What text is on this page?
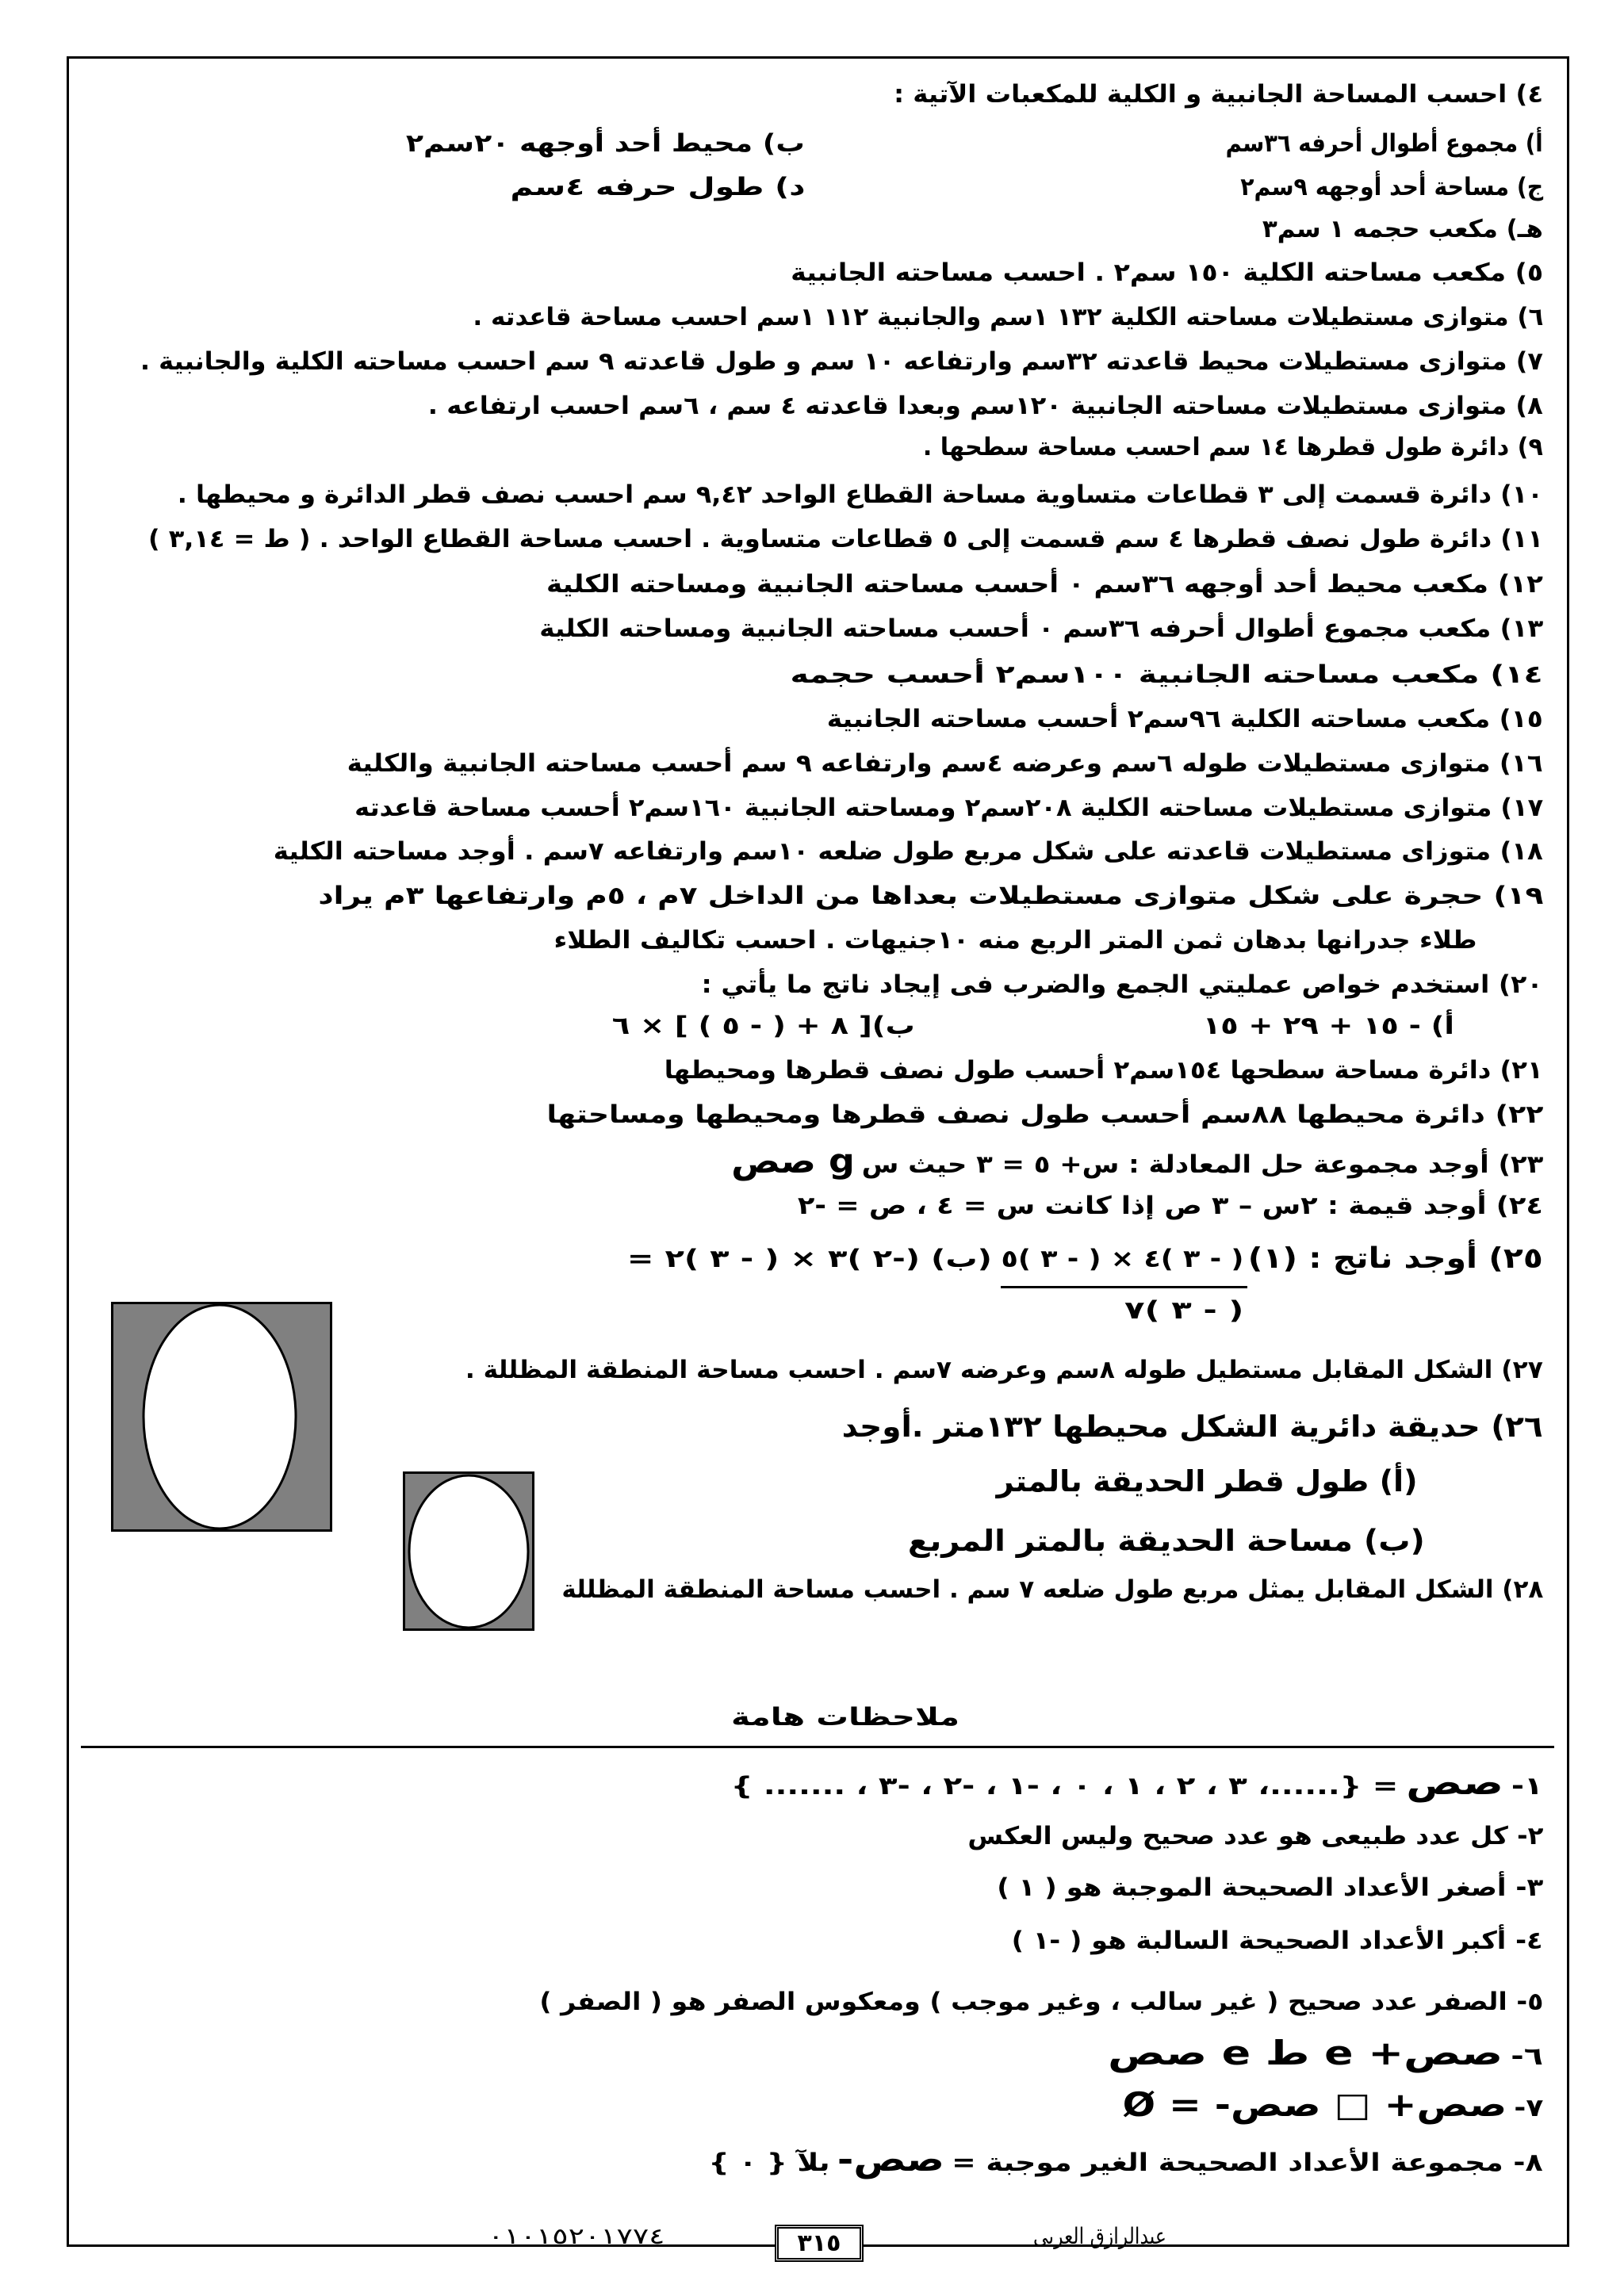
٤) احسب المساحة الجانبية و الكلية للمكعبات الآتية :
أ) مجموع أطوال أحرفه ٣٦سم
ب) محيط أحد أوجهه ٢٠سم٢
ج) مساحة أحد أوجهه ٩سم٢
د) طول حرفه ٤سم
هـ) مكعب حجمه ١ سم٣
٥) مكعب مساحته الكلية ١٥٠ سم٢ . احسب مساحته الجانبية
٦) متوازى مستطيلات مساحته الكلية ١٣٢ ١سم والجانبية ١١٢ ١سم احسب مساحة قاعدته .
٧) متوازى مستطيلات محيط قاعدته ٣٢سم وارتفاعه ١٠ سم و طول قاعدته ٩ سم احسب مساحته الكلية والجانبية .
٨) متوازى مستطيلات مساحته الجانبية ١٢٠سم وبعدا قاعدته ٤ سم ، ٦سم احسب ارتفاعه .
٩) دائرة طول قطرها ١٤ سم احسب مساحة سطحها .
١٠) دائرة قسمت إلى ٣ قطاعات متساوية مساحة القطاع الواحد ٩,٤٢ سم احسب نصف قطر الدائرة و محيطها .
١١) دائرة طول نصف قطرها ٤ سم قسمت إلى ٥ قطاعات متساوية . احسب مساحة القطاع الواحد . ( ط = ٣,١٤ )
١٢) مكعب محيط أحد أوجهه ٣٦سم ٠ أحسب مساحته الجانبية ومساحته الكلية
١٣) مكعب مجموع أطوال أحرفه ٣٦سم ٠ أحسب مساحته الجانبية ومساحته الكلية
١٤) مكعب مساحته الجانبية ١٠٠سم٢ أحسب حجمه
١٥) مكعب مساحته الكلية ٩٦سم٢ أحسب مساحته الجانبية
١٦) متوازى مستطيلات طوله ٦سم وعرضه ٤سم وارتفاعه ٩ سم أحسب مساحته الجانبية والكلية
١٧) متوازى مستطيلات مساحته الكلية ٢٠٨سم٢ ومساحته الجانبية ١٦٠سم٢ أحسب مساحة قاعدته
١٨) متوزاى مستطيلات قاعدته على شكل مربع طول ضلعه ١٠سم وارتفاعه ٧سم . أوجد مساحته الكلية
١٩) حجرة على شكل متوازى مستطيلات بعداها من الداخل ٧م ، ٥م وارتفاعها ٣م يراد
طلاء جدرانها بدهان ثمن المتر الربع منه ١٠جنيهات . احسب تكاليف الطلاء
٢٠) استخدم خواص عمليتي الجمع والضرب فى إيجاد ناتج ما يأتي :
أ) - ١٥ + ٢٩ + ١٥
ب)[ ٨ + ( - ٥ ) ] × ٦
٢١) دائرة مساحة سطحها ١٥٤سم٢ أحسب طول نصف قطرها ومحيطها
٢٢) دائرة محيطها ٨٨سم أحسب طول نصف قطرها ومحيطها ومساحتها
٢٣) أوجد مجموعة حل المعادلة : س+ ٥ = ٣ حيث سg صص
٢٤) أوجد قيمة : ٢س – ٣ ص إذا كانت س = ٤ ، ص = -٢
٢٥) أوجد ناتج : (١)
( - ٣ )٤ × ( - ٣ )٥
( - ٣ )٧
(ب) (-٢ )٣ × ( - ٣ )٢ =
٢٧) الشكل المقابل مستطيل طوله ٨سم وعرضه ٧سم . احسب مساحة المنطقة المظللة .
٢٦) حديقة دائرية الشكل محيطها ١٣٢متر .أوجد
(أ) طول قطر الحديقة بالمتر
(ب) مساحة الحديقة بالمتر المربع
٢٨) الشكل المقابل يمثل مربع طول ضلعه ٧ سم . احسب مساحة المنطقة المظللة
ملاحظات هامة
١-صص= {......، ٣ ، ٢ ، ١ ، ٠ ، -١ ، -٢ ، -٣ ، ....... }
٢- كل عدد طبيعى هو عدد صحيح وليس العكس
٣- أصغر الأعداد الصحيحة الموجبة هو ( ١ )
٤- أكبر الأعداد الصحيحة السالبة هو ( -١ )
٥- الصفر عدد صحيح ( غير سالب ، وغير موجب ) ومعكوس الصفر هو ( الصفر )
٦-صص+ e ط e صص
٧-صص+ □ صص- = Ø
٨- مجموعة الأعداد الصحيحة الغير موجبة =صص-بلآ { ٠ }
عبدالرازق العربى
٣١٥
٠١٠١٥٢٠١٧٧٤
